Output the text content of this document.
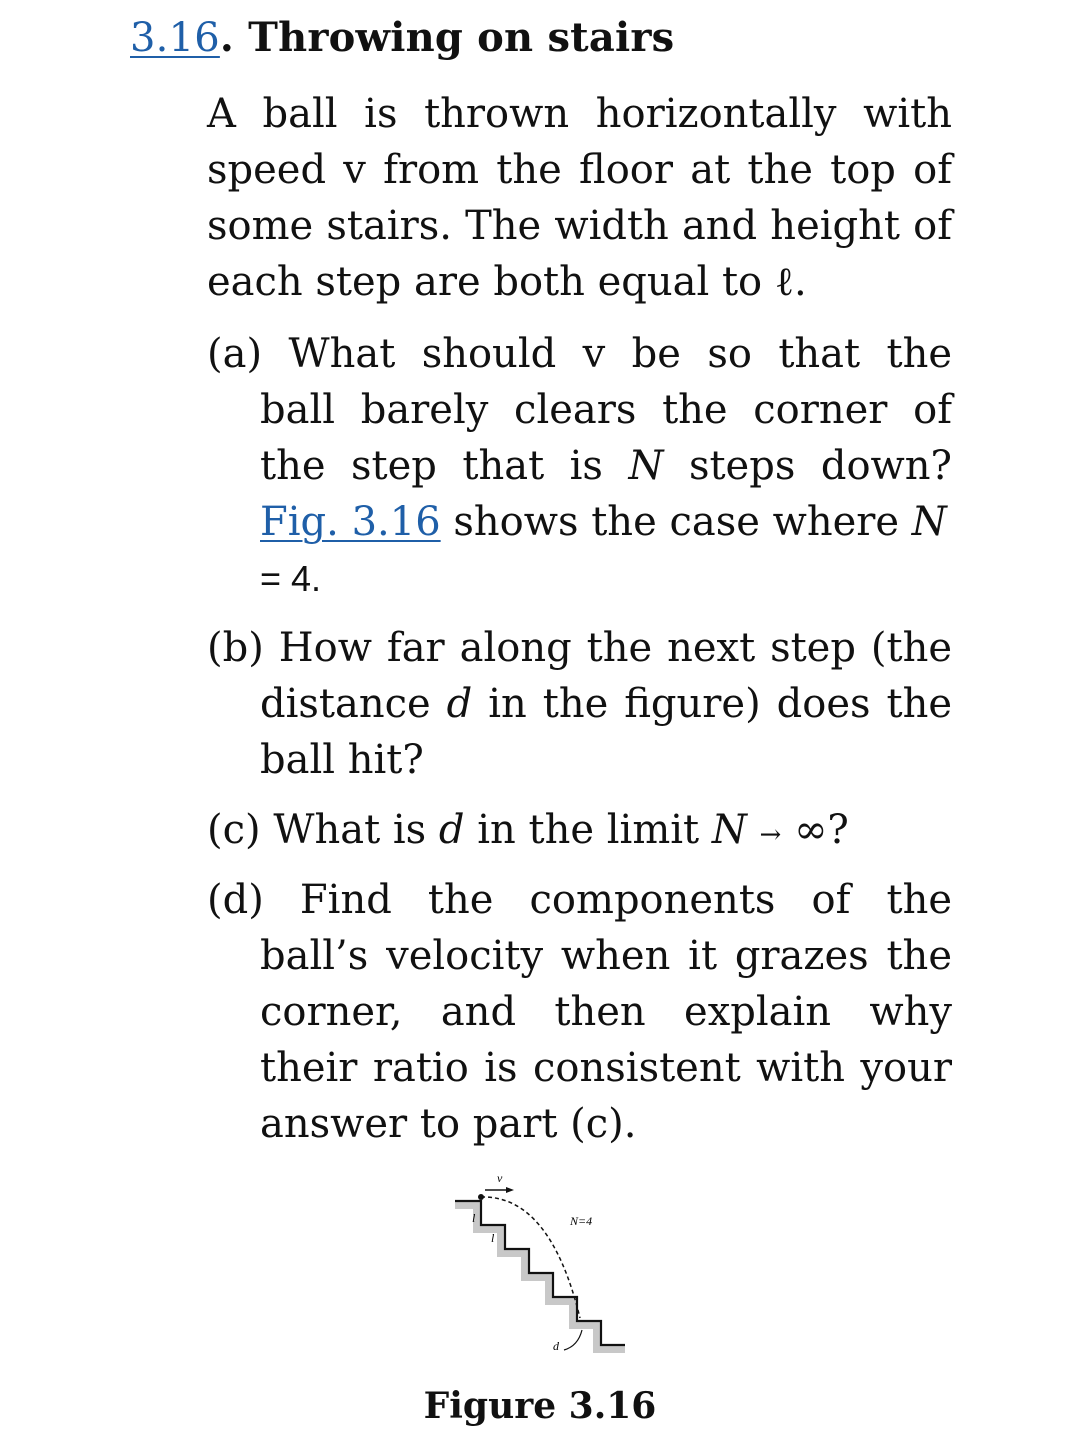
3.16. Throwing on stairs
A ball is thrown horizontally with speed v from the floor at the top of some stairs. The width and height of each step are both equal to ℓ.
(a) What should v be so that the
ball barely clears the corner of the step that is N steps down? Fig. 3.16 shows the case where N
= 4.
(b) How far along the next step (the
distance d in the figure) does the ball hit?
(c) What is d in the limit N → ∞?
(d) Find the components of the
ball’s velocity when it grazes the corner, and then explain why their ratio is consistent with your answer to part (c).
v
l
l
N=4
d
Figure 3.16
